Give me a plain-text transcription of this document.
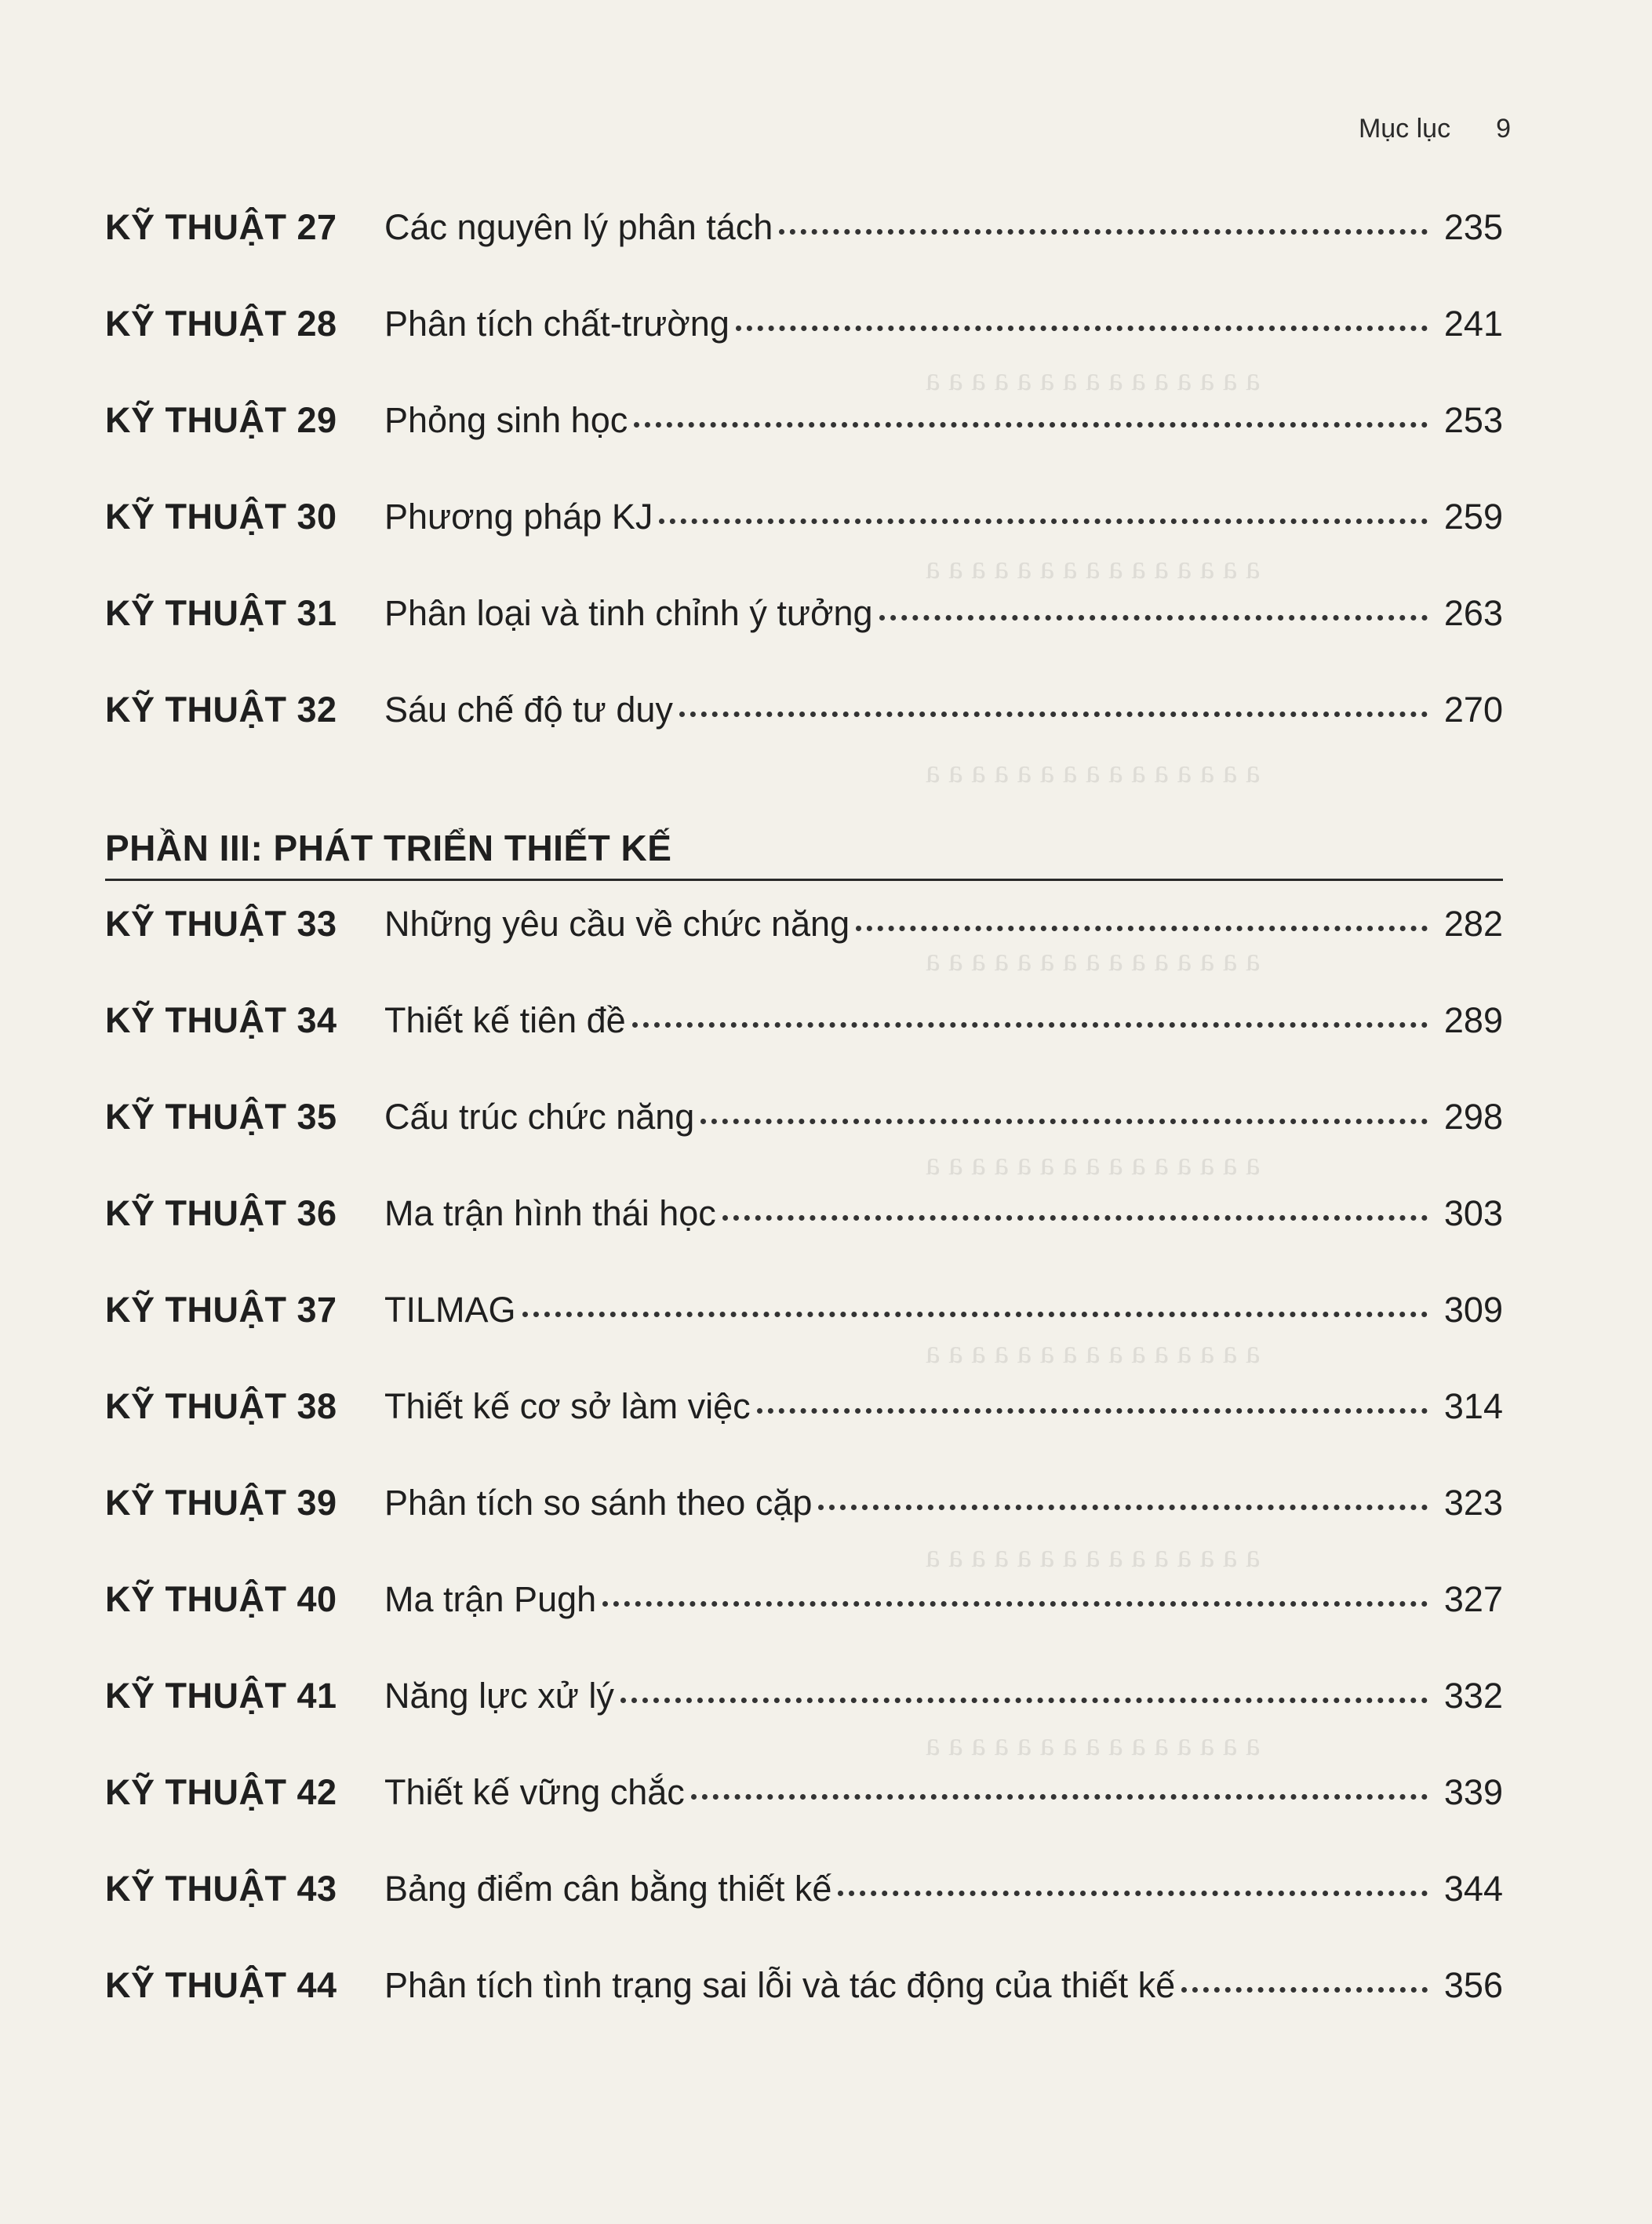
a a a a a a a a a a a a a a a
a a a a a a a a a a a a a a a
a a a a a a a a a a a a a a a
a a a a a a a a a a a a a a a
a a a a a a a a a a a a a a a
a a a a a a a a a a a a a a a
a a a a a a a a a a a a a a a
a a a a a a a a a a a a a a a
Mục lục 9
KỸ THUẬT 27	Các nguyên lý phân tách	235
KỸ THUẬT 28	Phân tích chất-trường	241
KỸ THUẬT 29	Phỏng sinh học	253
KỸ THUẬT 30	Phương pháp KJ	259
KỸ THUẬT 31	Phân loại và tinh chỉnh ý tưởng	263
KỸ THUẬT 32	Sáu chế độ tư duy	270
PHẦN III: PHÁT TRIỂN THIẾT KẾ
KỸ THUẬT 33	Những yêu cầu về chức năng	282
KỸ THUẬT 34	Thiết kế tiên đề	289
KỸ THUẬT 35	Cấu trúc chức năng	298
KỸ THUẬT 36	Ma trận hình thái học	303
KỸ THUẬT 37	TILMAG	309
KỸ THUẬT 38	Thiết kế cơ sở làm việc	314
KỸ THUẬT 39	Phân tích so sánh theo cặp	323
KỸ THUẬT 40	Ma trận Pugh	327
KỸ THUẬT 41	Năng lực xử lý	332
KỸ THUẬT 42	Thiết kế vững chắc	339
KỸ THUẬT 43	Bảng điểm cân bằng thiết kế	344
KỸ THUẬT 44	Phân tích tình trạng sai lỗi và tác động của thiết kế	356
